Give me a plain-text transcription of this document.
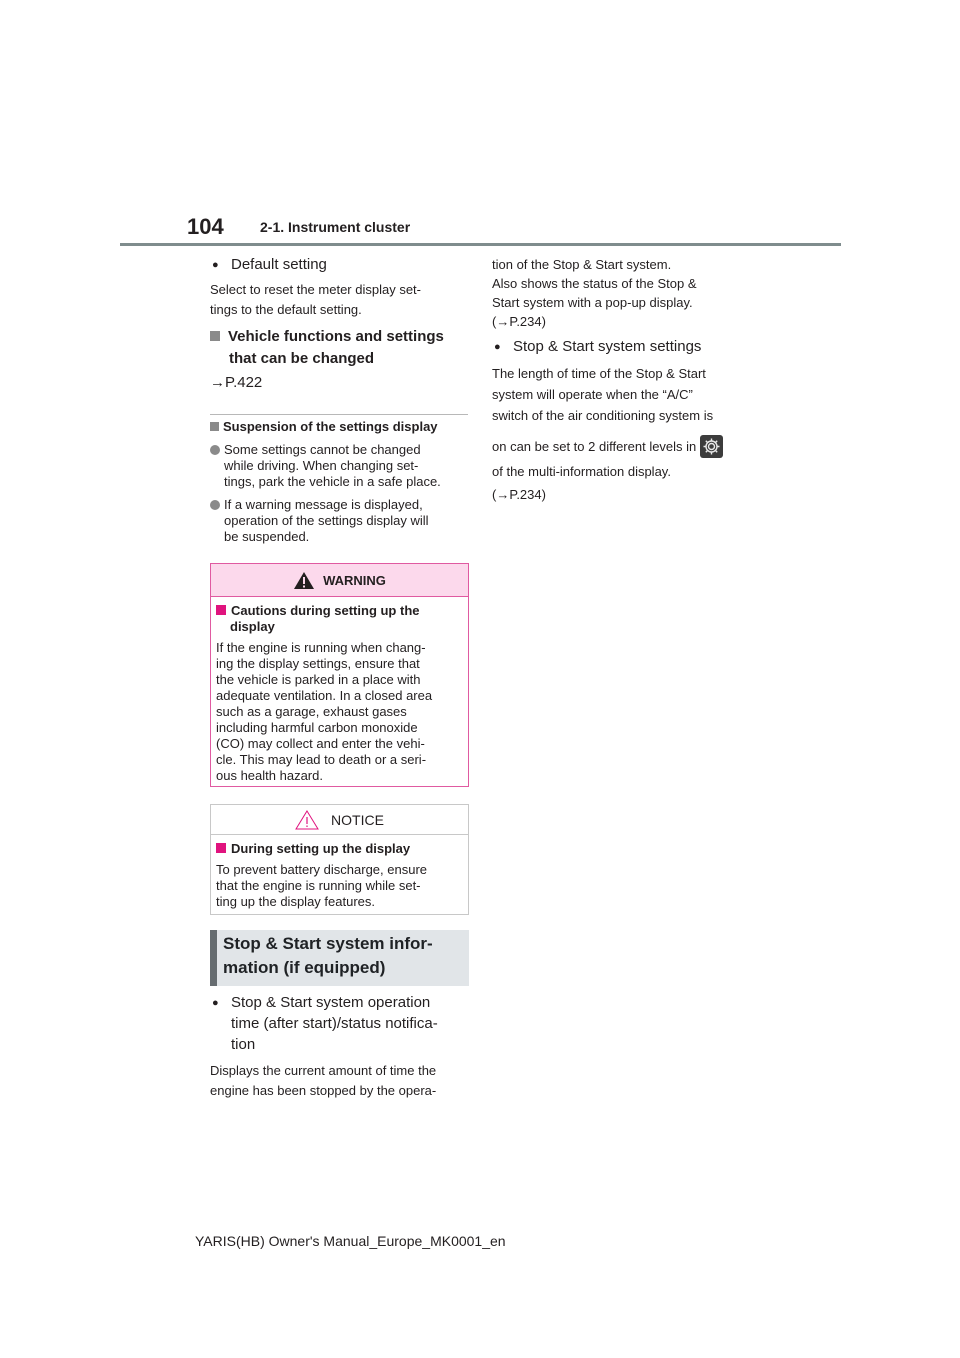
104	2-1. Instrument cluster
● Default setting
Select to reset the meter display set-
tings to the default setting.
Vehicle functions and settings
that can be changed
→P.422
Suspension of the settings display
Some settings cannot be changed
while driving. When changing set-
tings, park the vehicle in a safe place.
If a warning message is displayed,
operation of the settings display will
be suspended.
WARNING
Cautions during setting up the
display
If the engine is running when chang-
ing the display settings, ensure that
the vehicle is parked in a place with
adequate ventilation. In a closed area
such as a garage, exhaust gases
including harmful carbon monoxide
(CO) may collect and enter the vehi-
cle. This may lead to death or a seri-
ous health hazard.
NOTICE
During setting up the display
To prevent battery discharge, ensure
that the engine is running while set-
ting up the display features.
Stop & Start system infor-
mation (if equipped)
● Stop & Start system operation
time (after start)/status notifica-
tion
Displays the current amount of time the
engine has been stopped by the opera-
tion of the Stop & Start system.
Also shows the status of the Stop &
Start system with a pop-up display.
(→P.234)
● Stop & Start system settings
The length of time of the Stop & Start
system will operate when the “A/C”
switch of the air conditioning system is
on can be set to 2 different levels in
of the multi-information display.
(→P.234)
YARIS(HB) Owner's Manual_Europe_MK0001_en
